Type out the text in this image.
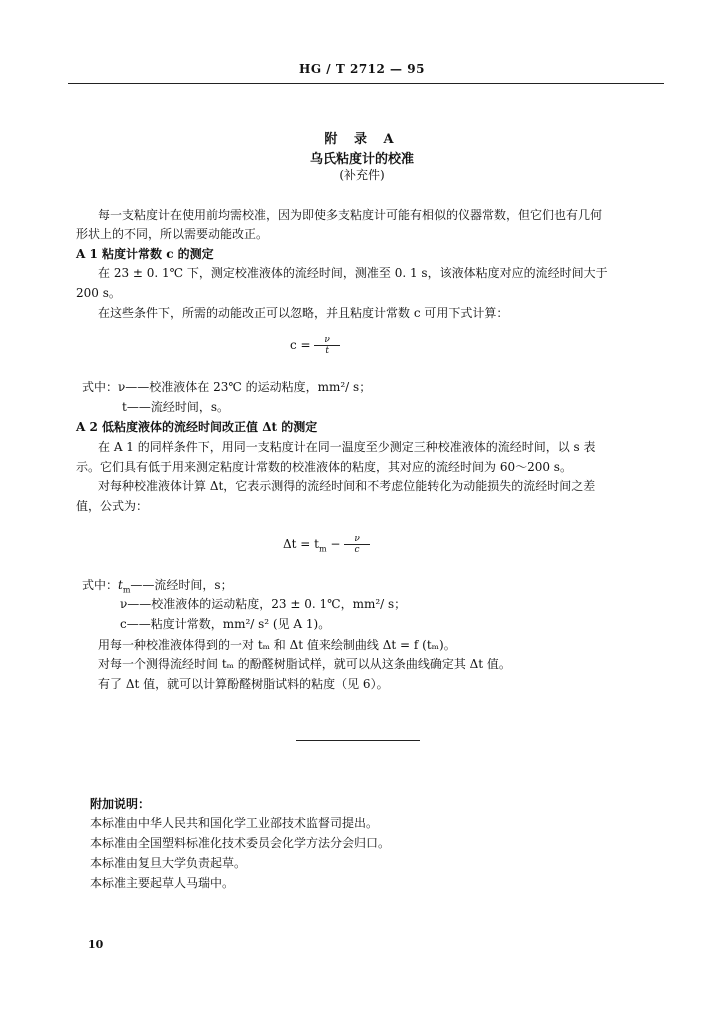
HG / T 2712 — 95
附 录 A
乌氏粘度计的校准
(补充件)
每一支粘度计在使用前均需校准，因为即使多支粘度计可能有相似的仪器常数，但它们也有几何
形状上的不同，所以需要动能改正。
A 1 粘度计常数 c 的测定
在 23 ± 0. 1℃ 下，测定校准液体的流经时间，测准至 0. 1 s，该液体粘度对应的流经时间大于
200 s。
在这些条件下，所需的动能改正可以忽略，并且粘度计常数 c 可用下式计算：
$c = \frac{\nu}{t}$
式中： ν——校准液体在 23℃ 的运动粘度，mm²/ s；
t——流经时间，s。
A 2 低粘度液体的流经时间改正值 Δt 的测定
在 A 1 的同样条件下，用同一支粘度计在同一温度至少测定三种校准液体的流经时间，以 s 表
示。它们具有低于用来测定粘度计常数的校准液体的粘度，其对应的流经时间为 60～200 s。
对每种校准液体计算 Δt，它表示测得的流经时间和不考虑位能转化为动能损失的流经时间之差
值，公式为：
$\Delta t = t_m - \frac{\nu}{c}$
式中： $t_m——$流经时间，s；
ν——校准液体的运动粘度，23 ± 0. 1℃，mm²/ s；
c——粘度计常数，mm²/ s² (见 A 1)。
用每一种校准液体得到的一对 tₘ 和 Δt 值来绘制曲线 Δt = f (tₘ)。
对每一个测得流经时间 tₘ 的酚醛树脂试样，就可以从这条曲线确定其 Δt 值。
有了 Δt 值，就可以计算酚醛树脂试料的粘度（见 6）。
附加说明：
本标准由中华人民共和国化学工业部技术监督司提出。
本标准由全国塑料标准化技术委员会化学方法分会归口。
本标准由复旦大学负责起草。
本标准主要起草人马瑞中。
10
